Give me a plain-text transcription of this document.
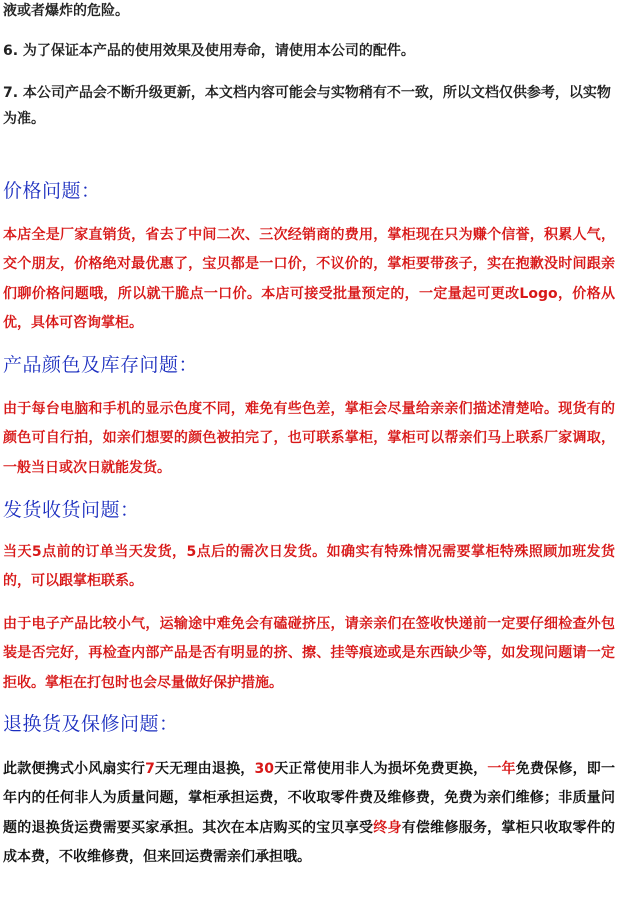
液或者爆炸的危险。
6. 为了保证本产品的使用效果及使用寿命，请使用本公司的配件。
7. 本公司产品会不断升级更新，本文档内容可能会与实物稍有不一致，所以文档仅供参考，以实物为准。
价格问题：
本店全是厂家直销货，省去了中间二次、三次经销商的费用，掌柜现在只为赚个信誉，积累人气，交个朋友，价格绝对最优惠了，宝贝都是一口价，不议价的，掌柜要带孩子，实在抱歉没时间跟亲们聊价格问题哦，所以就干脆点一口价。本店可接受批量预定的，一定量起可更改Logo，价格从优，具体可咨询掌柜。
产品颜色及库存问题：
由于每台电脑和手机的显示色度不同，难免有些色差，掌柜会尽量给亲亲们描述清楚哈。现货有的颜色可自行拍，如亲们想要的颜色被拍完了，也可联系掌柜，掌柜可以帮亲们马上联系厂家调取，一般当日或次日就能发货。
发货收货问题：
当天5点前的订单当天发货，5点后的需次日发货。如确实有特殊情况需要掌柜特殊照顾加班发货的，可以跟掌柜联系。
由于电子产品比较小气，运输途中难免会有磕碰挤压，请亲亲们在签收快递前一定要仔细检查外包装是否完好，再检查内部产品是否有明显的挤、擦、挂等痕迹或是东西缺少等，如发现问题请一定拒收。掌柜在打包时也会尽量做好保护措施。
退换货及保修问题：
此款便携式小风扇实行7天无理由退换，30天正常使用非人为损坏免费更换，一年免费保修，即一年内的任何非人为质量问题，掌柜承担运费，不收取零件费及维修费，免费为亲们维修；非质量问题的退换货运费需要买家承担。其次在本店购买的宝贝享受终身有偿维修服务，掌柜只收取零件的成本费，不收维修费，但来回运费需亲们承担哦。
